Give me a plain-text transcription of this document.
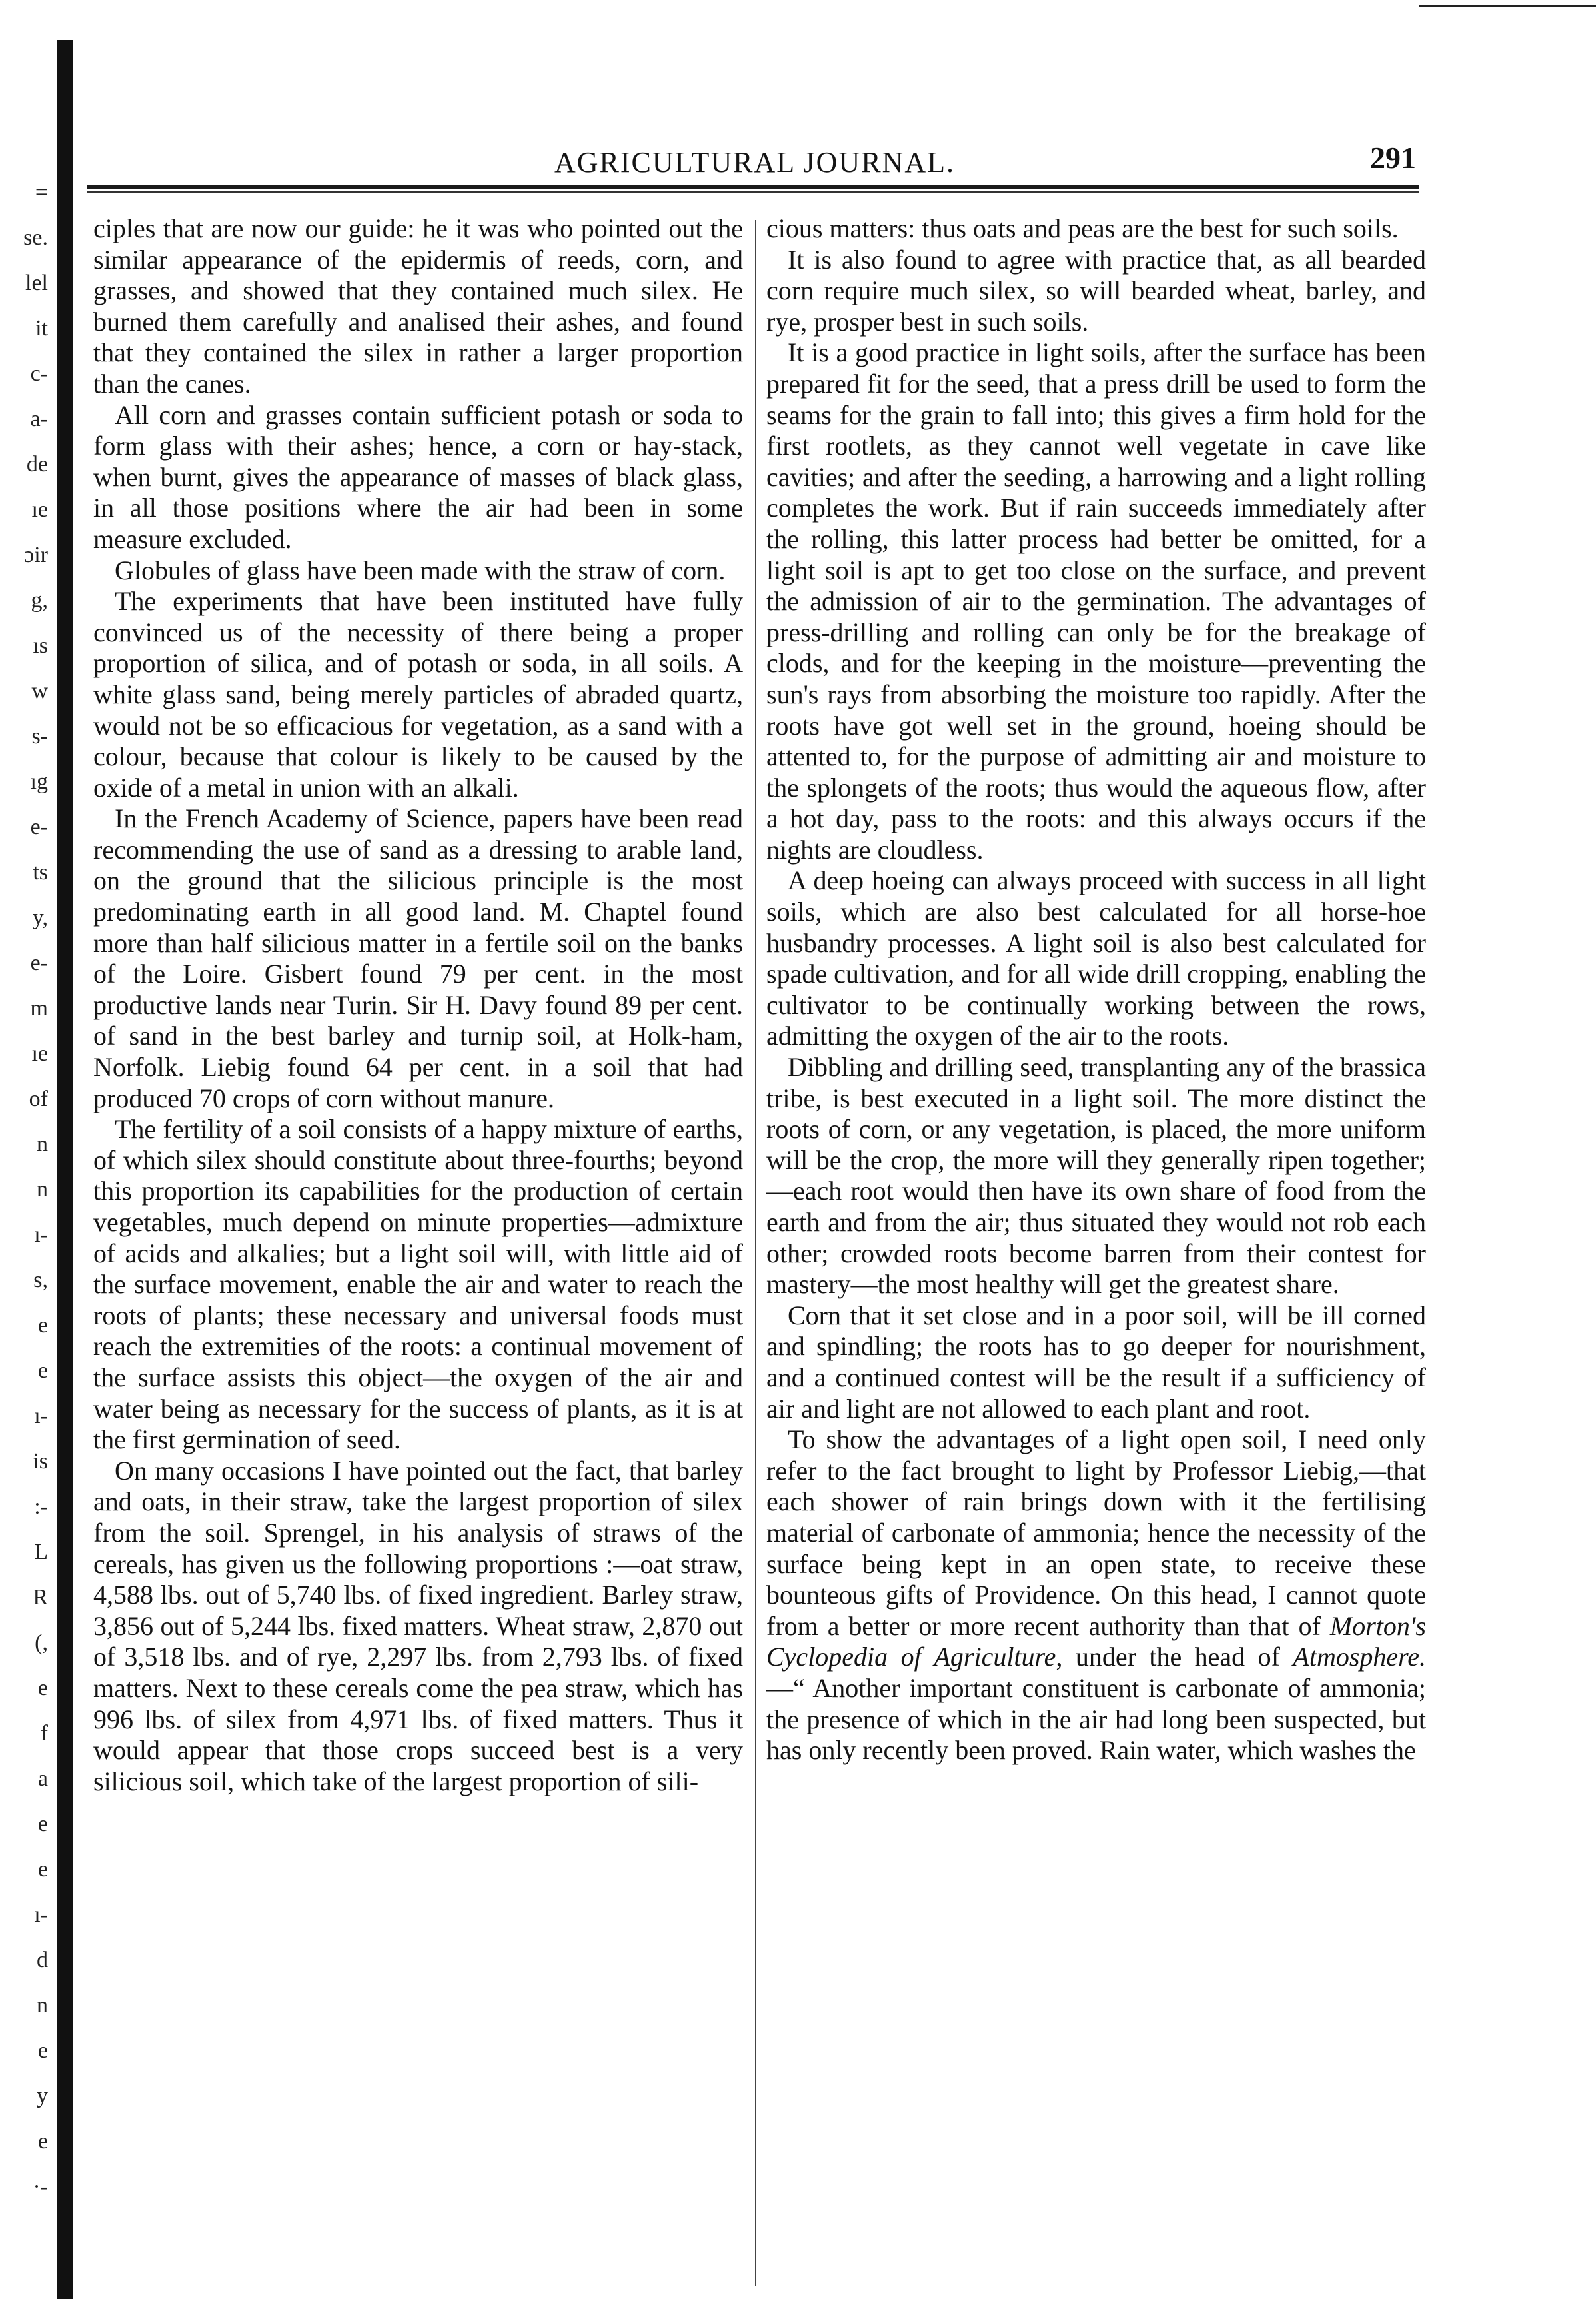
=
se.
lel
it
c-
a-
de
ıe
ɔir
g,
ıs
w
s-
ıg
e-
ts
y,
e-
m
ıe
of
n
n
ı-
s,
e
e
ı-
is
:-
L
R
(,
e
f
a
e
e
ı-
d
n
e
y
e
·-
AGRICULTURAL JOURNAL.	291

ciples that are now our guide: he it was who pointed out the similar appearance of the epidermis of reeds, corn, and grasses, and showed that they contained much silex. He burned them carefully and analised their ashes, and found that they contained the silex in rather a larger proportion than the canes.

All corn and grasses contain sufficient potash or soda to form glass with their ashes; hence, a corn or hay-stack, when burnt, gives the appearance of masses of black glass, in all those positions where the air had been in some measure excluded.

Globules of glass have been made with the straw of corn.

The experiments that have been instituted have fully convinced us of the necessity of there being a proper proportion of silica, and of potash or soda, in all soils. A white glass sand, being merely particles of abraded quartz, would not be so efficacious for vegetation, as a sand with a colour, because that colour is likely to be caused by the oxide of a metal in union with an alkali.

In the French Academy of Science, papers have been read recommending the use of sand as a dressing to arable land, on the ground that the silicious principle is the most predominating earth in all good land. M. Chaptel found more than half silicious matter in a fertile soil on the banks of the Loire. Gisbert found 79 per cent. in the most productive lands near Turin. Sir H. Davy found 89 per cent. of sand in the best barley and turnip soil, at Holk-ham, Norfolk. Liebig found 64 per cent. in a soil that had produced 70 crops of corn without manure.

The fertility of a soil consists of a happy mixture of earths, of which silex should constitute about three-fourths; beyond this proportion its capabilities for the production of certain vegetables, much depend on minute properties—admixture of acids and alkalies; but a light soil will, with little aid of the surface movement, enable the air and water to reach the roots of plants; these necessary and universal foods must reach the extremities of the roots: a continual movement of the surface assists this object—the oxygen of the air and water being as necessary for the success of plants, as it is at the first germination of seed.

On many occasions I have pointed out the fact, that barley and oats, in their straw, take the largest proportion of silex from the soil. Sprengel, in his analysis of straws of the cereals, has given us the following proportions :—oat straw, 4,588 lbs. out of 5,740 lbs. of fixed ingredient. Barley straw, 3,856 out of 5,244 lbs. fixed matters. Wheat straw, 2,870 out of 3,518 lbs. and of rye, 2,297 lbs. from 2,793 lbs. of fixed matters. Next to these cereals come the pea straw, which has 996 lbs. of silex from 4,971 lbs. of fixed matters. Thus it would appear that those crops succeed best is a very silicious soil, which take of the largest proportion of sili-

cious matters: thus oats and peas are the best for such soils.

It is also found to agree with practice that, as all bearded corn require much silex, so will bearded wheat, barley, and rye, prosper best in such soils.

It is a good practice in light soils, after the surface has been prepared fit for the seed, that a press drill be used to form the seams for the grain to fall into; this gives a firm hold for the first rootlets, as they cannot well vegetate in cave like cavities; and after the seeding, a harrowing and a light rolling completes the work. But if rain succeeds immediately after the rolling, this latter process had better be omitted, for a light soil is apt to get too close on the surface, and prevent the admission of air to the germination. The advantages of press-drilling and rolling can only be for the breakage of clods, and for the keeping in the moisture—preventing the sun's rays from absorbing the moisture too rapidly. After the roots have got well set in the ground, hoeing should be attented to, for the purpose of admitting air and moisture to the splongets of the roots; thus would the aqueous flow, after a hot day, pass to the roots: and this always occurs if the nights are cloudless.

A deep hoeing can always proceed with success in all light soils, which are also best calculated for all horse-hoe husbandry processes. A light soil is also best calculated for spade cultivation, and for all wide drill cropping, enabling the cultivator to be continually working between the rows, admitting the oxygen of the air to the roots.

Dibbling and drilling seed, transplanting any of the brassica tribe, is best executed in a light soil. The more distinct the roots of corn, or any vegetation, is placed, the more uniform will be the crop, the more will they generally ripen together;—each root would then have its own share of food from the earth and from the air; thus situated they would not rob each other; crowded roots become barren from their contest for mastery—the most healthy will get the greatest share.

Corn that it set close and in a poor soil, will be ill corned and spindling; the roots has to go deeper for nourishment, and a continued contest will be the result if a sufficiency of air and light are not allowed to each plant and root.

To show the advantages of a light open soil, I need only refer to the fact brought to light by Professor Liebig,—that each shower of rain brings down with it the fertilising material of carbonate of ammonia; hence the necessity of the surface being kept in an open state, to receive these bounteous gifts of Providence. On this head, I cannot quote from a better or more recent authority than that of Morton's Cyclopedia of Agriculture, under the head of Atmosphere. —“ Another important constituent is carbonate of ammonia; the presence of which in the air had long been suspected, but has only recently been proved. Rain water, which washes the
